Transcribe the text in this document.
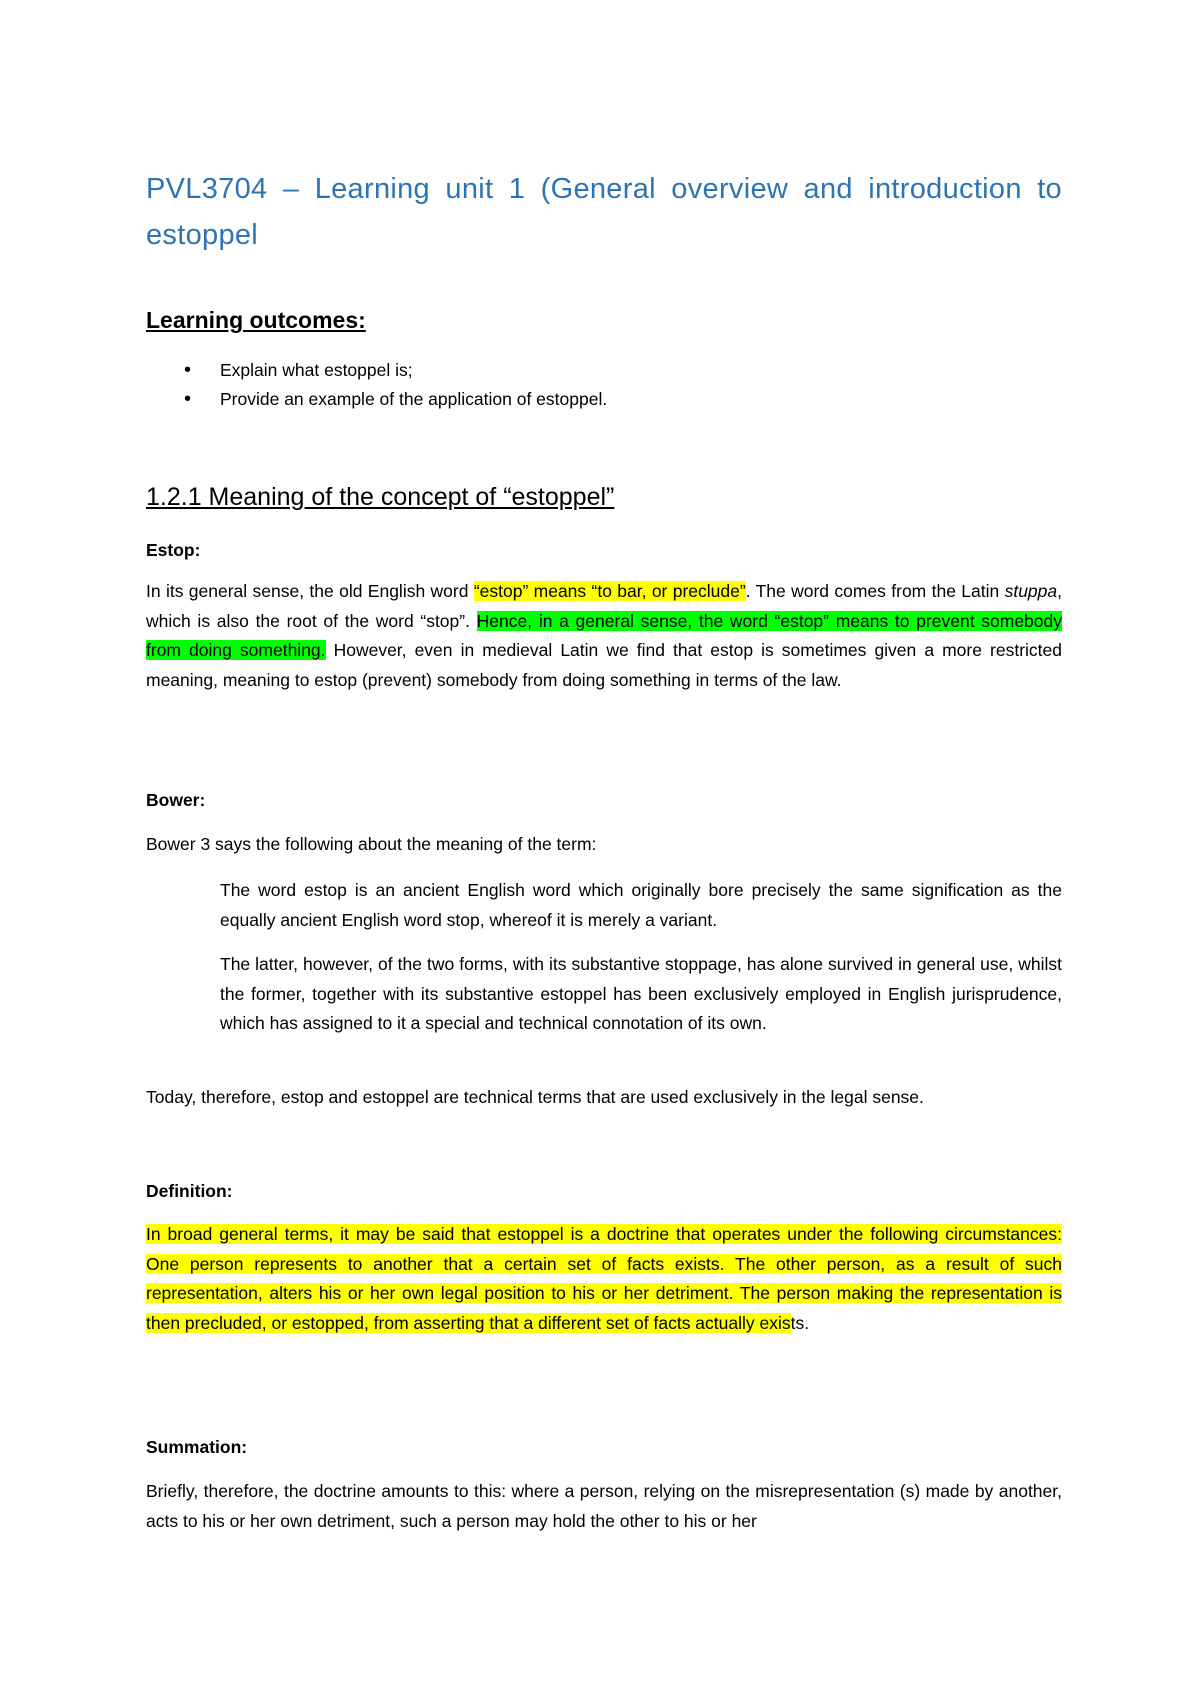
PVL3704 – Learning unit 1 (General overview and introduction to estoppel
Learning outcomes:
• Explain what estoppel is;
• Provide an example of the application of estoppel.
1.2.1 Meaning of the concept of “estoppel”
Estop:

In its general sense, the old English word “estop” means “to bar, or preclude”. The word comes from the Latin stuppa, which is also the root of the word “stop”. Hence, in a general sense, the word “estop” means to prevent somebody from doing something. However, even in medieval Latin we find that estop is sometimes given a more restricted meaning, meaning to estop (prevent) somebody from doing something in terms of the law.

Bower:

Bower 3 says the following about the meaning of the term:

The word estop is an ancient English word which originally bore precisely the same signification as the equally ancient English word stop, whereof it is merely a variant.

The latter, however, of the two forms, with its substantive stoppage, has alone survived in general use, whilst the former, together with its substantive estoppel has been exclusively employed in English jurisprudence, which has assigned to it a special and technical connotation of its own.

Today, therefore, estop and estoppel are technical terms that are used exclusively in the legal sense.

Definition:

In broad general terms, it may be said that estoppel is a doctrine that operates under the following circumstances: One person represents to another that a certain set of facts exists. The other person, as a result of such representation, alters his or her own legal position to his or her detriment. The person making the representation is then precluded, or estopped, from asserting that a different set of facts actually exists.

Summation:

Briefly, therefore, the doctrine amounts to this: where a person, relying on the misrepresentation (s) made by another, acts to his or her own detriment, such a person may hold the other to his or her
